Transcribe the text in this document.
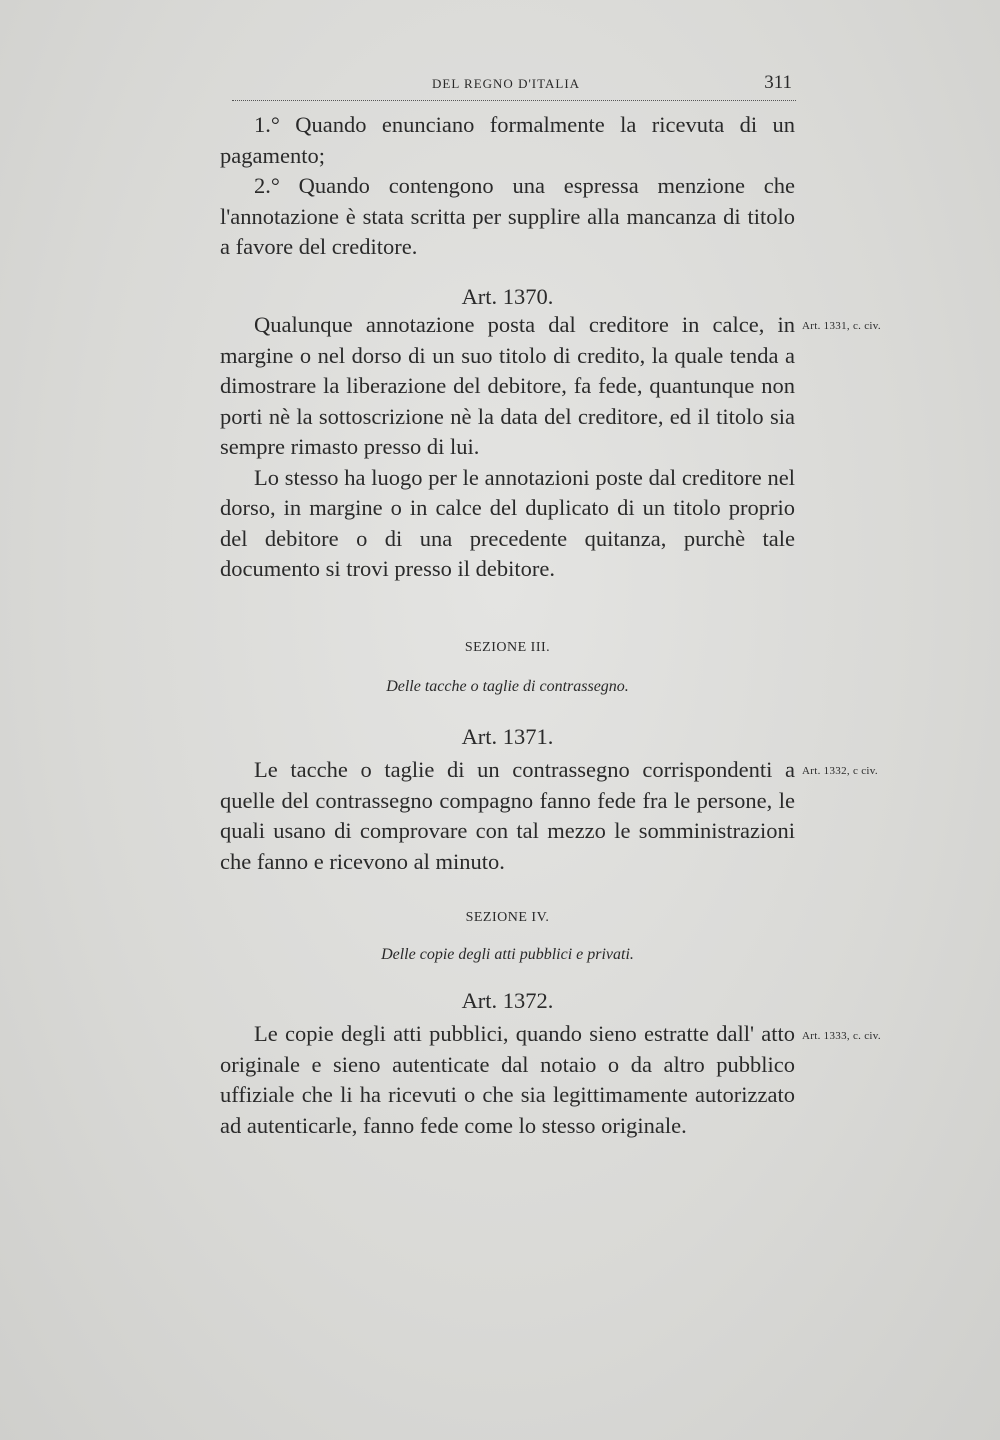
DEL REGNO D'ITALIA	311

1.° Quando enunciano formalmente la ricevuta di un pagamento;

2.° Quando contengono una espressa menzione che l'annotazione è stata scritta per supplire alla mancanza di titolo a favore del creditore.

Art. 1370.
Art. 1331, c. civ.

Qualunque annotazione posta dal creditore in calce, in margine o nel dorso di un suo titolo di credito, la quale tenda a dimostrare la liberazione del debitore, fa fede, quantunque non porti nè la sottoscrizione nè la data del creditore, ed il titolo sia sempre rimasto presso di lui.

Lo stesso ha luogo per le annotazioni poste dal creditore nel dorso, in margine o in calce del duplicato di un titolo proprio del debitore o di una precedente quitanza, purchè tale documento si trovi presso il debitore.

SEZIONE III.
Delle tacche o taglie di contrassegno.
Art. 1371.
Art. 1332, c civ.

Le tacche o taglie di un contrassegno corrispondenti a quelle del contrassegno compagno fanno fede fra le persone, le quali usano di comprovare con tal mezzo le somministrazioni che fanno e ricevono al minuto.

SEZIONE IV.
Delle copie degli atti pubblici e privati.
Art. 1372.
Art. 1333, c. civ.

Le copie degli atti pubblici, quando sieno estratte dall' atto originale e sieno autenticate dal notaio o da altro pubblico uffiziale che li ha ricevuti o che sia legittimamente autorizzato ad autenticarle, fanno fede come lo stesso originale.
